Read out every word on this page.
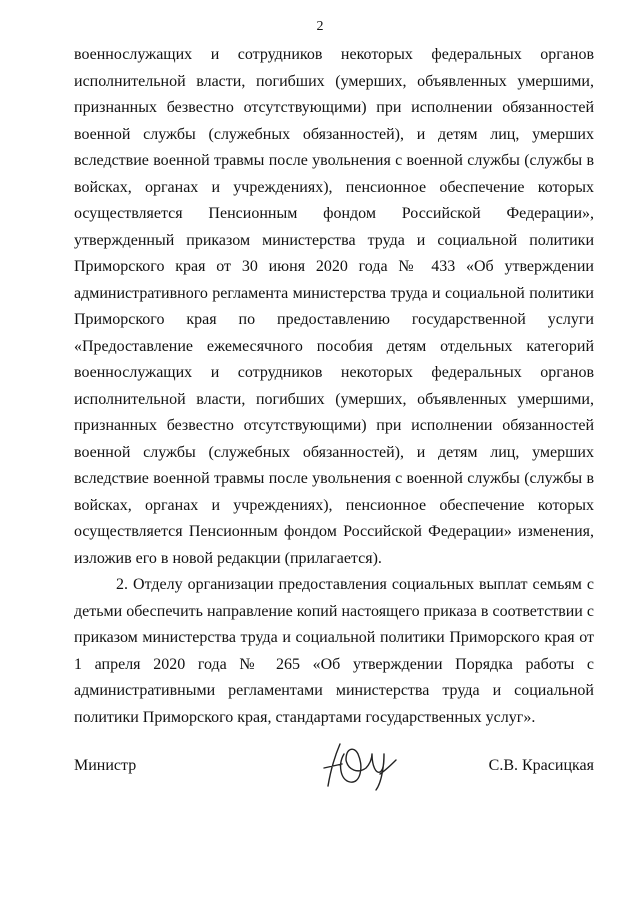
2

военнослужащих и сотрудников некоторых федеральных органов исполнительной власти, погибших (умерших, объявленных умершими, признанных безвестно отсутствующими) при исполнении обязанностей военной службы (служебных обязанностей), и детям лиц, умерших вследствие военной травмы после увольнения с военной службы (службы в войсках, органах и учреждениях), пенсионное обеспечение которых осуществляется Пенсионным фондом Российской Федерации», утвержденный приказом министерства труда и социальной политики Приморского края от 30 июня 2020 года № 433 «Об утверждении административного регламента министерства труда и социальной политики Приморского края по предоставлению государственной услуги «Предоставление ежемесячного пособия детям отдельных категорий военнослужащих и сотрудников некоторых федеральных органов исполнительной власти, погибших (умерших, объявленных умершими, признанных безвестно отсутствующими) при исполнении обязанностей военной службы (служебных обязанностей), и детям лиц, умерших вследствие военной травмы после увольнения с военной службы (службы в войсках, органах и учреждениях), пенсионное обеспечение которых осуществляется Пенсионным фондом Российской Федерации» изменения, изложив его в новой редакции (прилагается).

2. Отделу организации предоставления социальных выплат семьям с детьми обеспечить направление копий настоящего приказа в соответствии с приказом министерства труда и социальной политики Приморского края от 1 апреля 2020 года № 265 «Об утверждении Порядка работы с административными регламентами министерства труда и социальной политики Приморского края, стандартами государственных услуг».

Министр	С.В. Красицкая
